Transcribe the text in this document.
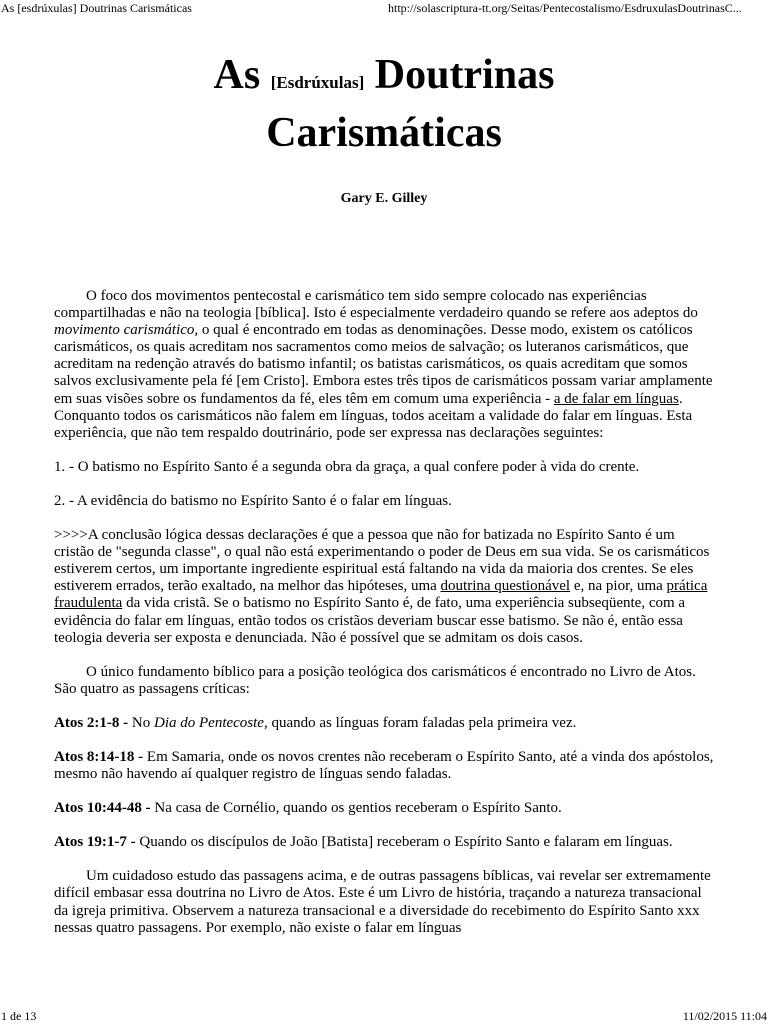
As [esdrúxulas] Doutrinas Carismáticas	http://solascriptura-tt.org/Seitas/Pentecostalismo/EsdruxulasDoutrinasC...
As [Esdrúxulas] Doutrinas
Carismáticas
Gary E. Gilley

O foco dos movimentos pentecostal e carismático tem sido sempre colocado nas experiências compartilhadas e não na teologia [bíblica]. Isto é especialmente verdadeiro quando se refere aos adeptos do movimento carismático, o qual é encontrado em todas as denominações. Desse modo, existem os católicos carismáticos, os quais acreditam nos sacramentos como meios de salvação; os luteranos carismáticos, que acreditam na redenção através do batismo infantil; os batistas carismáticos, os quais acreditam que somos salvos exclusivamente pela fé [em Cristo]. Embora estes três tipos de carismáticos possam variar amplamente em suas visões sobre os fundamentos da fé, eles têm em comum uma experiência - a de falar em línguas. Conquanto todos os carismáticos não falem em línguas, todos aceitam a validade do falar em línguas. Esta experiência, que não tem respaldo doutrinário, pode ser expressa nas declarações seguintes:

1. - O batismo no Espírito Santo é a segunda obra da graça, a qual confere poder à vida do crente.

2. - A evidência do batismo no Espírito Santo é o falar em línguas.

>>>>A conclusão lógica dessas declarações é que a pessoa que não for batizada no Espírito Santo é um cristão de "segunda classe", o qual não está experimentando o poder de Deus em sua vida. Se os carismáticos estiverem certos, um importante ingrediente espiritual está faltando na vida da maioria dos crentes. Se eles estiverem errados, terão exaltado, na melhor das hipóteses, uma doutrina questionável e, na pior, uma prática fraudulenta da vida cristã. Se o batismo no Espírito Santo é, de fato, uma experiência subseqüente, com a evidência do falar em línguas, então todos os cristãos deveriam buscar esse batismo. Se não é, então essa teologia deveria ser exposta e denunciada. Não é possível que se admitam os dois casos.

O único fundamento bíblico para a posição teológica dos carismáticos é encontrado no Livro de Atos. São quatro as passagens críticas:

Atos 2:1-8 - No Dia do Pentecoste, quando as línguas foram faladas pela primeira vez.

Atos 8:14-18 - Em Samaria, onde os novos crentes não receberam o Espírito Santo, até a vinda dos apóstolos, mesmo não havendo aí qualquer registro de línguas sendo faladas.

Atos 10:44-48 - Na casa de Cornélio, quando os gentios receberam o Espírito Santo.

Atos 19:1-7 - Quando os discípulos de João [Batista] receberam o Espírito Santo e falaram em línguas.

Um cuidadoso estudo das passagens acima, e de outras passagens bíblicas, vai revelar ser extremamente difícil embasar essa doutrina no Livro de Atos. Este é um Livro de história, traçando a natureza transacional da igreja primitiva. Observem a natureza transacional e a diversidade do recebimento do Espírito Santo xxx nessas quatro passagens. Por exemplo, não existe o falar em línguas

1 de 13	11/02/2015 11:04
